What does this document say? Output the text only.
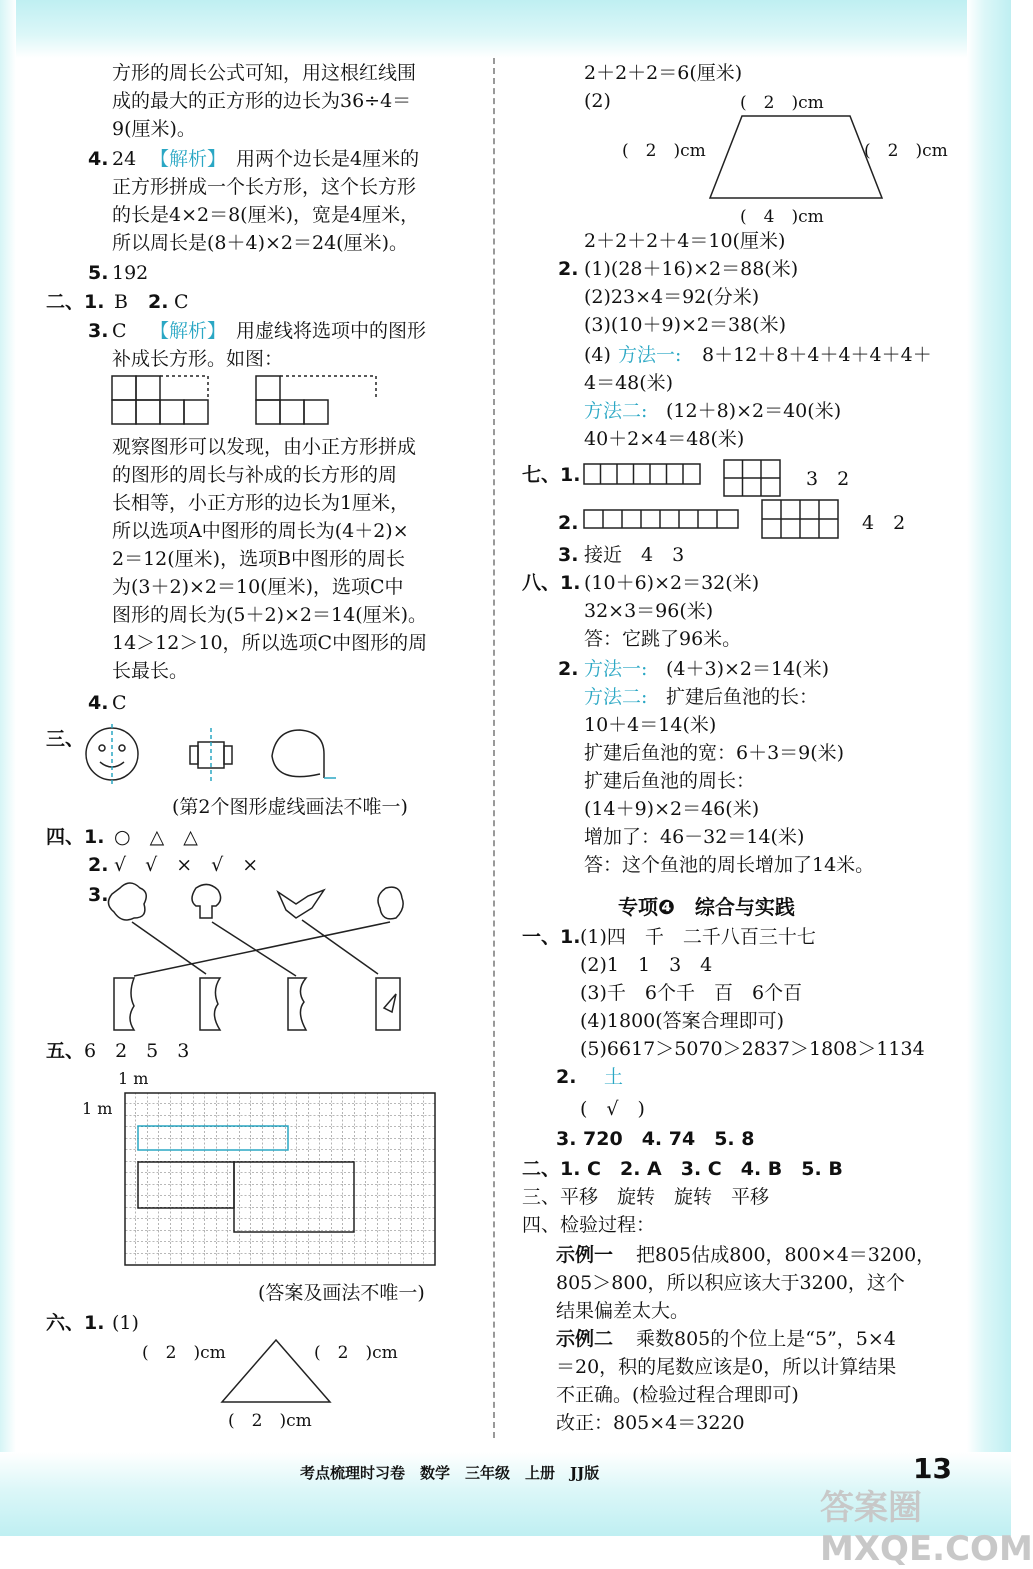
方形的周长公式可知，用这根红线围
成的最大的正方形的边长为36÷4＝
9(厘米)。
4. 24 【解析】 用两个边长是4厘米的
正方形拼成一个长方形，这个长方形
的长是4×2＝8(厘米)，宽是4厘米，
所以周长是(8＋4)×2＝24(厘米)。
5. 192
二、1. B 2. C
3. C 【解析】 用虚线将选项中的图形
补成长方形。如图：
观察图形可以发现，由小正方形拼成
的图形的周长与补成的长方形的周
长相等，小正方形的边长为1厘米，
所以选项A中图形的周长为(4＋2)×
2＝12(厘米)，选项B中图形的周长
为(3＋2)×2＝10(厘米)，选项C中
图形的周长为(5＋2)×2＝14(厘米)。
14＞12＞10，所以选项C中图形的周
长最长。
4. C
三、
(第2个图形虚线画法不唯一)
四、1. ○　△　△
2. √　√　×　√　×
3.
五、 6　2　5　3
1 m
1 m
(答案及画法不唯一)
六、1. (1)
(　2　)cm	(　2　)cm
(　2　)cm
2＋2＋2＝6(厘米)
(2)	(　2　)cm
(　2　)cm	(　2　)cm
(　4　)cm
2＋2＋2＋4＝10(厘米)
2. (1)(28＋16)×2＝88(米)
(2)23×4＝92(分米)
(3)(10＋9)×2＝38(米)
(4) 方法一: 8＋12＋8＋4＋4＋4＋4＋
4＝48(米)
方法二: (12＋8)×2＝40(米)
40＋2×4＝48(米)
七、1.	3　2
2.	4　2
3. 接近　4　3
八、1. (10＋6)×2＝32(米)
32×3＝96(米)
答：它跳了96米。
2. 方法一: (4＋3)×2＝14(米)
方法二: 扩建后鱼池的长：
10＋4＝14(米)
扩建后鱼池的宽：6＋3＝9(米)
扩建后鱼池的周长：
(14＋9)×2＝46(米)
增加了：46－32＝14(米)
答：这个鱼池的周长增加了14米。
专项❹　综合与实践
一、1. (1)四　千　二千八百三十七
(2)1　1　3　4
(3)千　6个千　百　6个百
(4)1800(答案合理即可)
(5)6617＞5070＞2837＞1808＞1134
2. 土
(　√　)
3. 720　4. 74　5. 8
二、1. C　2. A　3. C　4. B　5. B
三、平移　旋转　旋转　平移
四、检验过程：
示例一 把805估成800，800×4＝3200，
805＞800，所以积应该大于3200，这个
结果偏差太大。
示例二 乘数805的个位上是“5”，5×4
＝20，积的尾数应该是0，所以计算结果
不正确。(检验过程合理即可)
改正：805×4＝3220
考点梳理时习卷　数学　三年级　上册　JJ版	13
答案圈 MXQE.COM
